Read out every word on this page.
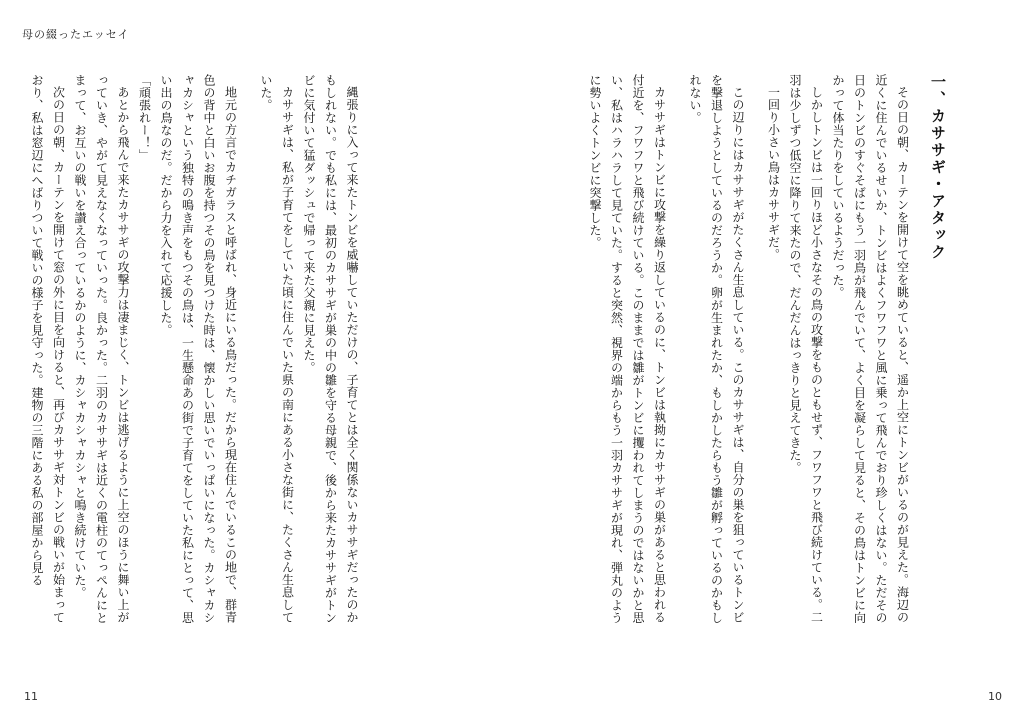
母の綴ったエッセイ
一、カササギ・アタック

その日の朝、カーテンを開けて空を眺めていると、遥か上空にトンビがいるのが見えた。海辺の近くに住んでいるせいか、トンビはよくフワフワと風に乗って飛んでおり珍しくはない。ただその日のトンビのすぐそばにもう一羽鳥が飛んでいて、よく目を凝らして見ると、その鳥はトンビに向かって体当たりをしているようだった。

しかしトンビは一回りほど小さなその鳥の攻撃をものともせず、フワフワと飛び続けている。二羽は少しずつ低空に降りて来たので、だんだんはっきりと見えてきた。

一回り小さい鳥はカササギだ。

この辺りにはカササギがたくさん生息している。このカササギは、自分の巣を狙っているトンビを撃退しようとしているのだろうか。卵が生まれたか、もしかしたらもう雛が孵っているのかもしれない。

カササギはトンビに攻撃を繰り返しているのに、トンビは執拗にカササギの巣があると思われる付近を、フワフワと飛び続けている。このままでは雛がトンビに攫われてしまうのではないかと思い、私はハラハラして見ていた。すると突然、視界の端からもう一羽カササギが現れ、弾丸のように勢いよくトンビに突撃した。

縄張りに入って来たトンビを威嚇していただけの、子育てとは全く関係ないカササギだったのかもしれない。でも私には、最初のカササギが巣の中の雛を守る母親で、後から来たカササギがトンビに気付いて猛ダッシュで帰って来た父親に見えた。

カササギは、私が子育てをしていた頃に住んでいた県の南にある小さな街に、たくさん生息していた。

地元の方言でカチガラスと呼ばれ、身近にいる鳥だった。だから現在住んでいるこの地で、群青色の背中と白いお腹を持つその鳥を見つけた時は、懐かしい思いでいっぱいになった。カシャカシャカシャという独特の鳴き声をもつその鳥は、一生懸命あの街で子育てをしていた私にとって、思い出の鳥なのだ。だから力を入れて応援した。

「頑張れー！」

あとから飛んで来たカササギの攻撃力は凄まじく、トンビは逃げるように上空のほうに舞い上がっていき、やがて見えなくなっていった。良かった。二羽のカササギは近くの電柱のてっぺんにとまって、お互いの戦いを讃え合っているかのように、カシャカシャカシャと鳴き続けていた。

次の日の朝、カーテンを開けて窓の外に目を向けると、再びカササギ対トンビの戦いが始まっており、私は窓辺にへばりついて戦いの様子を見守った。建物の三階にある私の部屋から見る

11	10
